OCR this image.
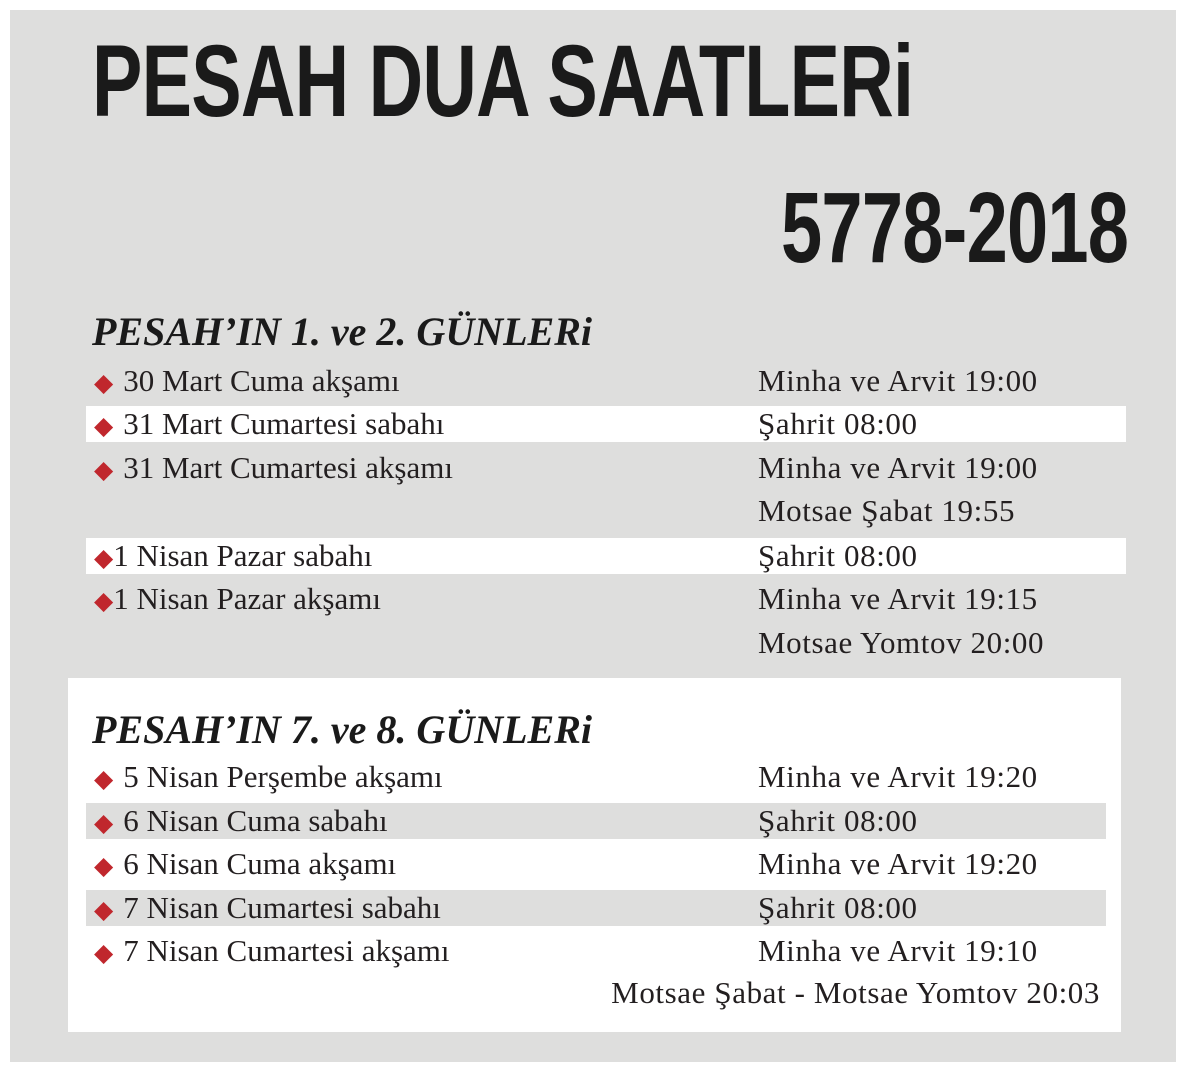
PESAH DUA SAATLERi
5778-2018
PESAH’IN 1. ve 2. GÜNLERi
◆ 30 Mart Cuma akşamı	Minha ve Arvit 19:00
◆ 31 Mart Cumartesi sabahı	Şahrit 08:00
◆ 31 Mart Cumartesi akşamı	Minha ve Arvit 19:00
Motsae Şabat 19:55
◆1 Nisan Pazar sabahı	Şahrit 08:00
◆1 Nisan Pazar akşamı	Minha ve Arvit 19:15
Motsae Yomtov 20:00
PESAH’IN 7. ve 8. GÜNLERi
◆ 5 Nisan Perşembe akşamı	Minha ve Arvit 19:20
◆ 6 Nisan Cuma sabahı	Şahrit 08:00
◆ 6 Nisan Cuma akşamı	Minha ve Arvit 19:20
◆ 7 Nisan Cumartesi sabahı	Şahrit 08:00
◆ 7 Nisan Cumartesi akşamı	Minha ve Arvit 19:10
Motsae Şabat - Motsae Yomtov 20:03
